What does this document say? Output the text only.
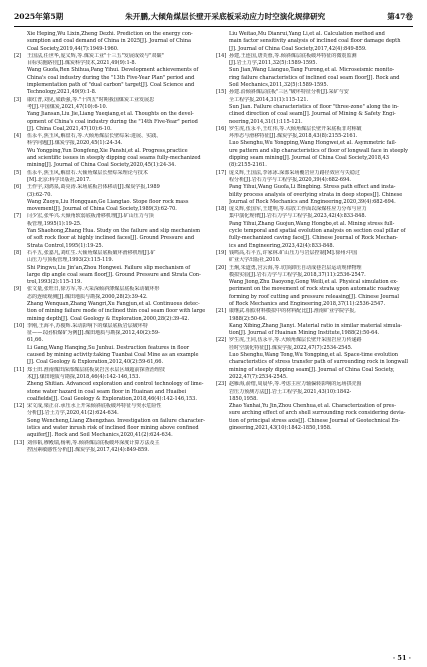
2025年第5期	朱开鹏,大倾角煤层长壁开采底板采动应力时空演化规律研究	第47卷
Xie Heping,Wu Lixin,Zheng Dezhi. Prediction on the energy con-
sumption and coal demand of China in 2025[J]. Journal of China
Coal Society,2019,44(7):1949-1960.
[2]	王国法,任世华,庞义辉,等.煤炭工业"十三五"发展成效与"双碳"
目标实施路径[J].煤炭科学技术,2021,49(9):1-8.
Wang Guofa,Ren Shihua,Pang Yihui. Development achievements of
China's coal industry during the "13th Five-Year Plan" period and
implementation path of "dual carbon" target[J]. Coal Science and
Technology,2021,49(9):1-8.
[3]	康红普,刘见,梁跃强,等."十四五"时期我国煤炭工业发展思
考[J].中国煤炭,2021,47(10):6-10.
Yang Jiansan,Liu Jie,Liang Yueqiang,et al. Thoughts on the devel-
opment of China's coal industry during the "14th Five-Year" period
[J]. China Coal,2021,47(10):6-10.
[4]	伍永平,焦玉风,解盘石,等.大倾角煤层长壁综采:进展、实践、
科学问题[J].煤炭学报,2020,45(1):24-34.
Wu Yongping,Yun Dongfeng,Xie Panshi,et al. Progress,practice
and scientific issues in steeply dipping coal seams fully-mechanized
mining[J]. Journal of China Coal Society,2020,45(1):24-34.
[5]	伍永平,焦玉风,解盘石.大倾角煤层长壁综采理论与技术
[M].北京:科学出版社,2017.
[6]	王作宇,刘鸿泉,葛亮涛.采场底板岩体移动[J].煤炭学报,1989
(3):62-70.
Wang Zuoyu,Liu Hongquan,Ge Liangtao. Stope floor rock mass
movement[J]. Journal of China Coal Society,1989(3):62-70.
[7]	闫少宏,张华兴.大倾角软弱底板滑移机理[J].矿山压力与顶
板管理,1995(1):19-25.
Yan Shaohong,Zhang Hua. Study on the failure and slip mechanism
of soft rock floor at highly inclined faces[J]. Ground Pressure and
Strata Control,1995(1):19-25.
[8]	石平五,张嘉凡,刘红生.大倾角煤层底板破坏滑移机理[J].矿
山压力与顶板管理,1993(2):115-119.
Shi Pingwu,Liu Jin'an,Zhou Hongwei. Failure slip mechanism of
large dip angle coal seam floor[J]. Ground Pressure and Strata Con-
trol,1993(2):115-119.
[9]	张文量,张旺日,徐方军,等.大采深倾斜薄煤层底板采动破坏形
态的连续观测[J].煤田地质与勘探,2000,28(2):39-42.
Zhang Wenquan,Zhang Wangri,Xu Fangjun,et al. Continuous detec-
tion of mining failure mode of inclined thin coal seam floor with large
mining depth[J]. Coal Geology & Exploration,2000,28(2):39-42.
[10] 李刚,王海平,苏俊辉.采动影响下的煤层底板岩层破坏特
征——以团柏煤矿为例[J].煤田地质与勘探,2012,40(2):59-
61,66.
Li Gang,Wang Hanqing,Su Junhui. Destruction features in floor
caused by mining activity:taking Tuanbai Coal Mine as an example
[J]. Coal Geology & Exploration,2012,40(2):59-61,66.
[11] 郑士田.淮南煤田深部煤层底板灰岩含水层区域超前探查治理技
术[J].煤田地质与勘探,2018,46(4):142-146,153.
Zheng Shitian. Advanced exploration and control technology of lime-
stone water hazard in coal seam floor in Huainan and Huaibei
coalfields[J]. Coal Geology & Exploration,2018,46(4):142-146,153.
[12] 宋文成,梁正召.承压水上开采倾斜底板破坏特征与突水危险性
分析[J].岩土力学,2020,41(2):624-634.
Song Wencheng,Liang Zhengzhao. Investigation on failure character-
istics and water inrush risk of inclined floor mining above confined
aquifer[J]. Rock and Soil Mechanics,2020,41(2):624-634.
[13] 刘伟韬,穆殿瑞,杨利,等.倾斜煤层底板破坏深度计算方法及主
控因素敏感性分析[J].煤炭学报,2017,42(4):849-859.
Liu Weitao,Mu Dianrui,Yang Li,et al. Calculation method and
main factor sensitivity analysis of inclined coal floor damage depth
[J]. Journal of China Coal Society,2017,42(4):849-859.
[14] 孙建,王连国,唐芙蓉,等.倾斜煤层底板破坏特征的微震监测
[J].岩土力学,2011,32(5):1589-1595.
Sun Jian,Wang Lianguo,Tang Furong,et al. Microseismic monito-
ring failure characteristics of inclined coal seam floor[J]. Rock and
Soil Mechanics,2011,32(5):1589-1595.
[15] 孙建.沿倾斜煤层底板"三区"破坏特征分析[J].采矿与安
全工程学报,2014,31(1):115-121.
Sun Jian. Failure characteristics of floor "three-zone" along the in-
clined direction of coal seam[J]. Journal of Mining & Safety Engi-
neering,2014,31(1):115-121.
[16] 罗生虎,伍永平,王红伟,等.大倾角煤层长壁开采底板非对称破
坏形态与滑移特征[J].煤炭学报,2018,43(8):2155-2161.
Luo Shenghu,Wu Yongping,Wang Hongwei,et al. Asymmetric fail-
ure pattern and slip characteristics of floor of longwall face in steeply
dipping seam mining[J]. Journal of China Coal Society,2018,43
(8):2155-2161.
[17] 庞义辉,王国法,李冰冰.深部采场覆岩应力路径效应与失稳过
程分析[J].岩石力学与工程学报,2020,39(4):682-694.
Pang Yihui,Wang Guofa,Li Bingbing. Stress path effect and insta-
bility process analysis of overlying strata in deep stopes[J]. Chinese
Journal of Rock Mechanics and Engineering,2020,39(4):682-694.
[18] 庞义辉,张国军,王建明,等.综放工作面以深煤柱应力分布与应力
集中演化规律[J].岩石力学与工程学报,2023,42(4):833-848.
Pang Yihui,Zhang Guojun,Wang Hongbo,et al. Mining stress full-
cycle temporal and spatial evolution analysis on section coal pillar of
fully-mechanized caving face[J]. Chinese Journal of Rock Mechan-
ics and Engineering,2023,42(4):833-848.
[19] 钱鸣高,石平五,许家林.矿山压力与岩层控制[M].徐州:中国
矿业大学出版社,2010.
[20] 王炯,朱道勇,宫云海,等.切顶卸压自动成巷岩层运动规律物理
模拟实验[J].岩石力学与工程学报,2018,37(11):2536-2547.
Wang Jiong,Zhu Daoyong,Gong Weili,et al. Physical simulation ex-
periment on the movement of rock strata upon automatic roadway
forming by roof cutting and pressure releasing[J]. Chinese Journal
of Rock Mechanics and Engineering,2018,37(11):2536-2547.
[21] 康继武.相似材料模拟中的材料配比[J].淮南矿业学院学报,
1988(2):50-64.
Kang Xibing,Zhang Jianyi. Material ratio in similar material simula-
tion[J]. Journal of Huainan Mining Institute,1988(2):50-64.
[22] 罗生虎,王同,伍永平,等.大倾角煤层长壁开采围岩应力传递路
径时空演化特征[J].煤炭学报,2022,47(7):2534-2545.
Luo Shenghu,Wang Tong,Wu Yongping,et al. Space-time evolution
characteristics of stress transfer path of surrounding rock in longwall
mining of steeply dipping seam[J]. Journal of China Coal Society,
2022,47(7):2534-2545.
[23] 赵雁海,俞缙,周晨华,等.考虑主应力轴偏转影响的远场拱壳围
岩压力预测方法[J].岩土工程学报,2021,43(10):1842-
1850,1958.
Zhao Yanhai,Yu Jin,Zhou Chenhua,et al. Characterization of pres-
sure arching effect of arch shell surrounding rock considering devia-
tion of principal stress axis[J]. Chinese Journal of Geotechnical En-
gineering,2021,43(10):1842-1850,1958.
· 51 ·
